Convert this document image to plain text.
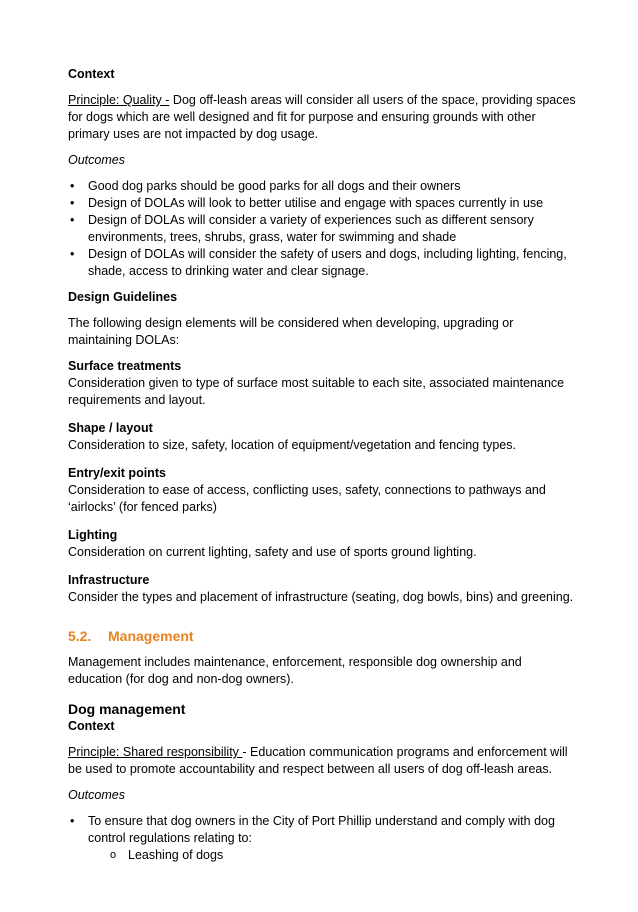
Context

Principle: Quality - Dog off-leash areas will consider all users of the space, providing spaces for dogs which are well designed and fit for purpose and ensuring grounds with other primary uses are not impacted by dog usage.

Outcomes

• Good dog parks should be good parks for all dogs and their owners
• Design of DOLAs will look to better utilise and engage with spaces currently in use
• Design of DOLAs will consider a variety of experiences such as different sensory environments, trees, shrubs, grass, water for swimming and shade
• Design of DOLAs will consider the safety of users and dogs, including lighting, fencing, shade, access to drinking water and clear signage.

Design Guidelines

The following design elements will be considered when developing, upgrading or maintaining DOLAs:

Surface treatments

Consideration given to type of surface most suitable to each site, associated maintenance requirements and layout.

Shape / layout

Consideration to size, safety, location of equipment/vegetation and fencing types.

Entry/exit points

Consideration to ease of access, conflicting uses, safety, connections to pathways and ‘airlocks’ (for fenced parks)

Lighting

Consideration on current lighting, safety and use of sports ground lighting.

Infrastructure

Consider the types and placement of infrastructure (seating, dog bowls, bins) and greening.

5.2. Management

Management includes maintenance, enforcement, responsible dog ownership and education (for dog and non-dog owners).

Dog management

Context

Principle: Shared responsibility - Education communication programs and enforcement will be used to promote accountability and respect between all users of dog off-leash areas.

Outcomes

• To ensure that dog owners in the City of Port Phillip understand and comply with dog control regulations relating to:
o Leashing of dogs
